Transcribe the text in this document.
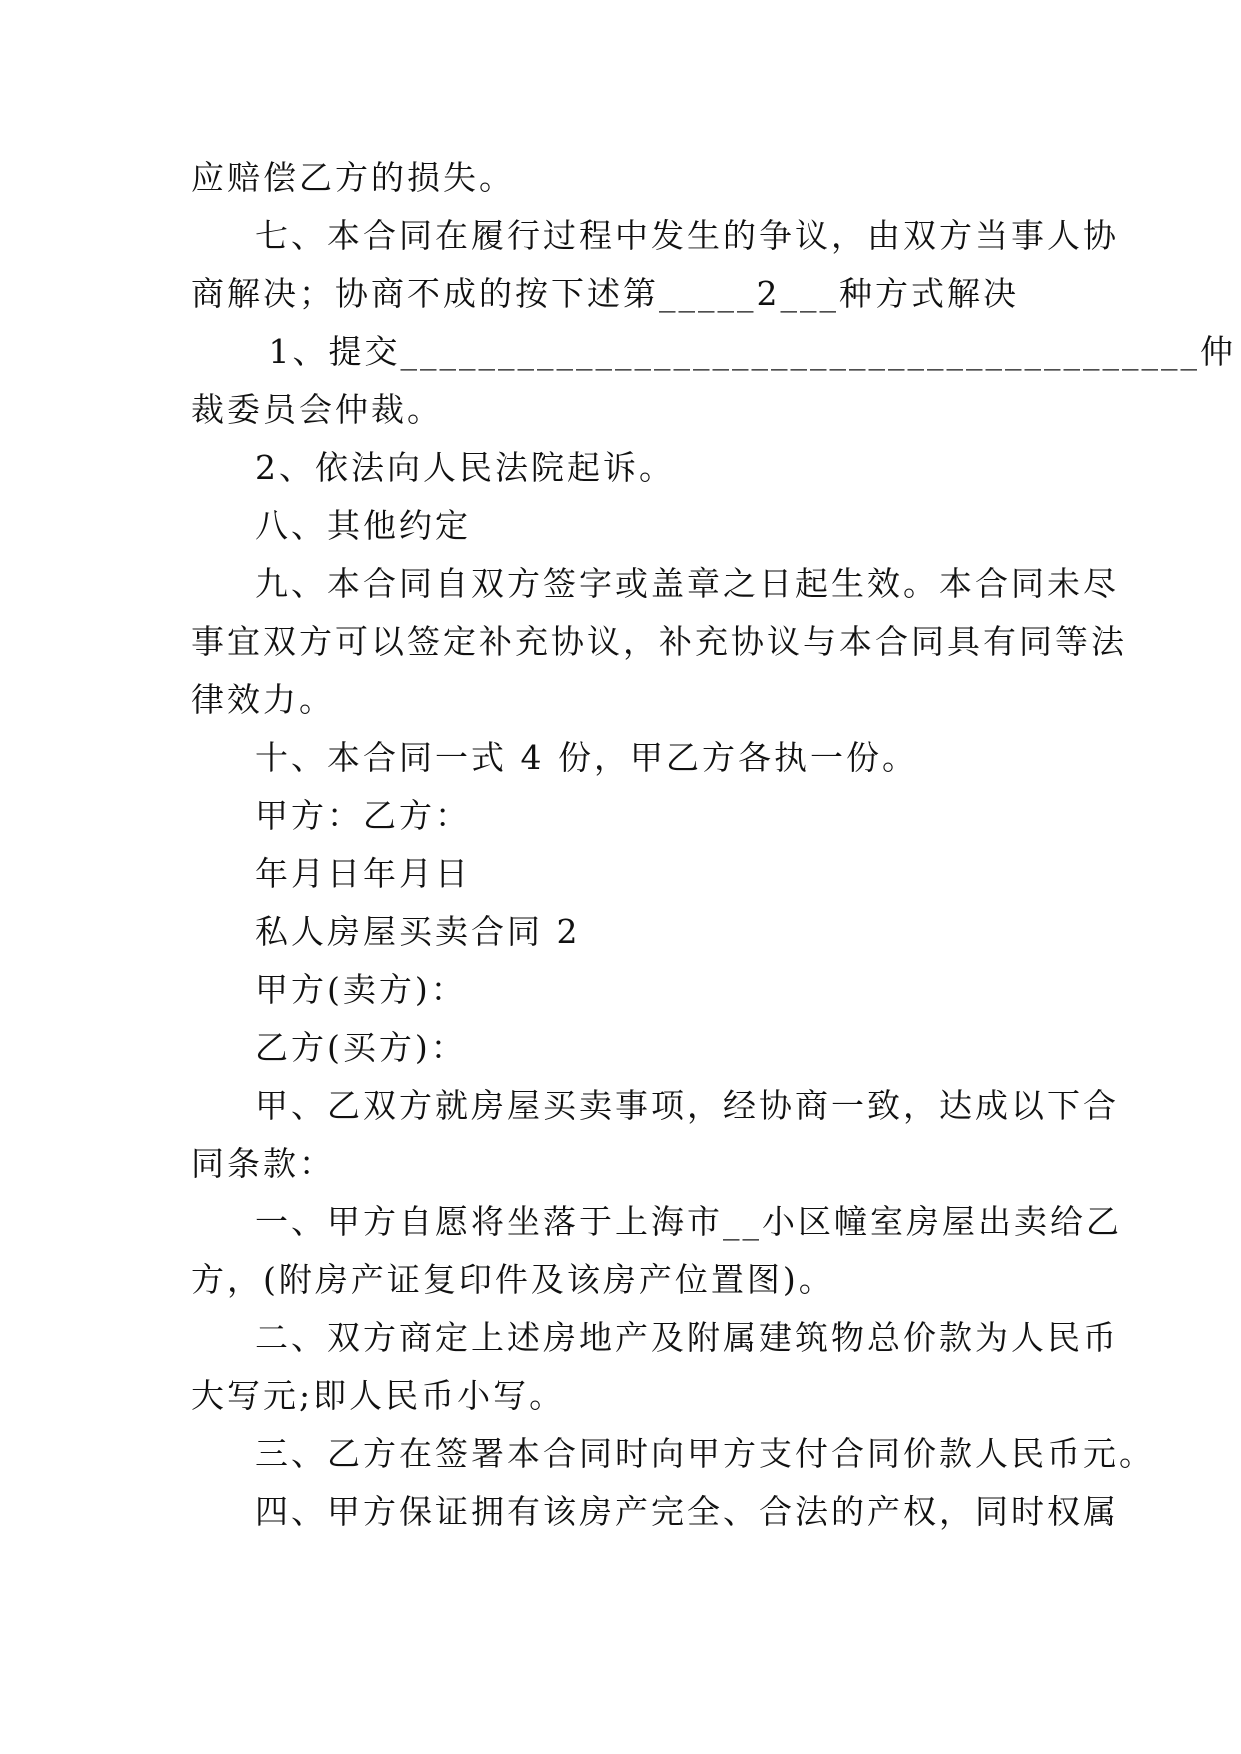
应赔偿乙方的损失。
七、本合同在履行过程中发生的争议，由双方当事人协
商解决；协商不成的按下述第_____2___种方式解决
1、提交_________________________________________仲
裁委员会仲裁。
2、依法向人民法院起诉。
八、其他约定
九、本合同自双方签字或盖章之日起生效。本合同未尽
事宜双方可以签定补充协议，补充协议与本合同具有同等法
律效力。
十、本合同一式 4 份，甲乙方各执一份。
甲方：乙方：
年月日年月日
私人房屋买卖合同 2
甲方(卖方)：
乙方(买方)：
甲、乙双方就房屋买卖事项，经协商一致，达成以下合
同条款：
一、甲方自愿将坐落于上海市__小区幢室房屋出卖给乙
方，(附房产证复印件及该房产位置图)。
二、双方商定上述房地产及附属建筑物总价款为人民币
大写元;即人民币小写。
三、乙方在签署本合同时向甲方支付合同价款人民币元。
四、甲方保证拥有该房产完全、合法的产权，同时权属
